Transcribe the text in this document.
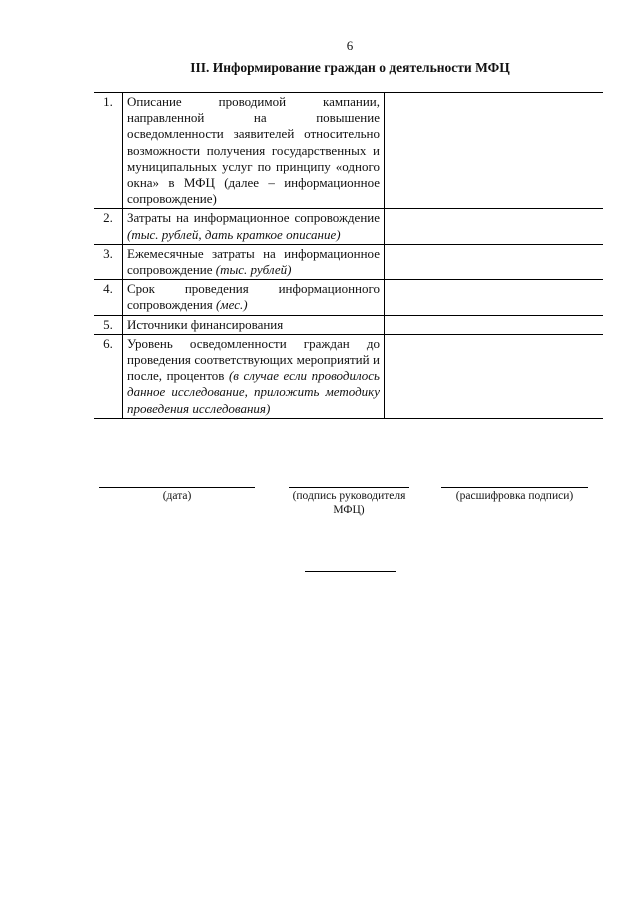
6
III. Информирование граждан о деятельности МФЦ
1.	Описание проводимой кампании, направленной на повышение осведомленности заявителей относительно возможности получения государственных и муниципальных услуг по принципу «одного окна» в МФЦ (далее – информационное сопровождение)	
2.	Затраты на информационное сопровождение (тыс. рублей, дать краткое описание)	
3.	Ежемесячные затраты на информационное сопровождение (тыс. рублей)	
4.	Срок проведения информационного сопровождения (мес.)	
5.	Источники финансирования	
6.	Уровень осведомленности граждан до проведения соответствующих мероприятий и после, процентов (в случае если проводилось данное исследование, приложить методику проведения исследования)	
(дата)	(подпись руководителя МФЦ)
(расшифровка подписи)
